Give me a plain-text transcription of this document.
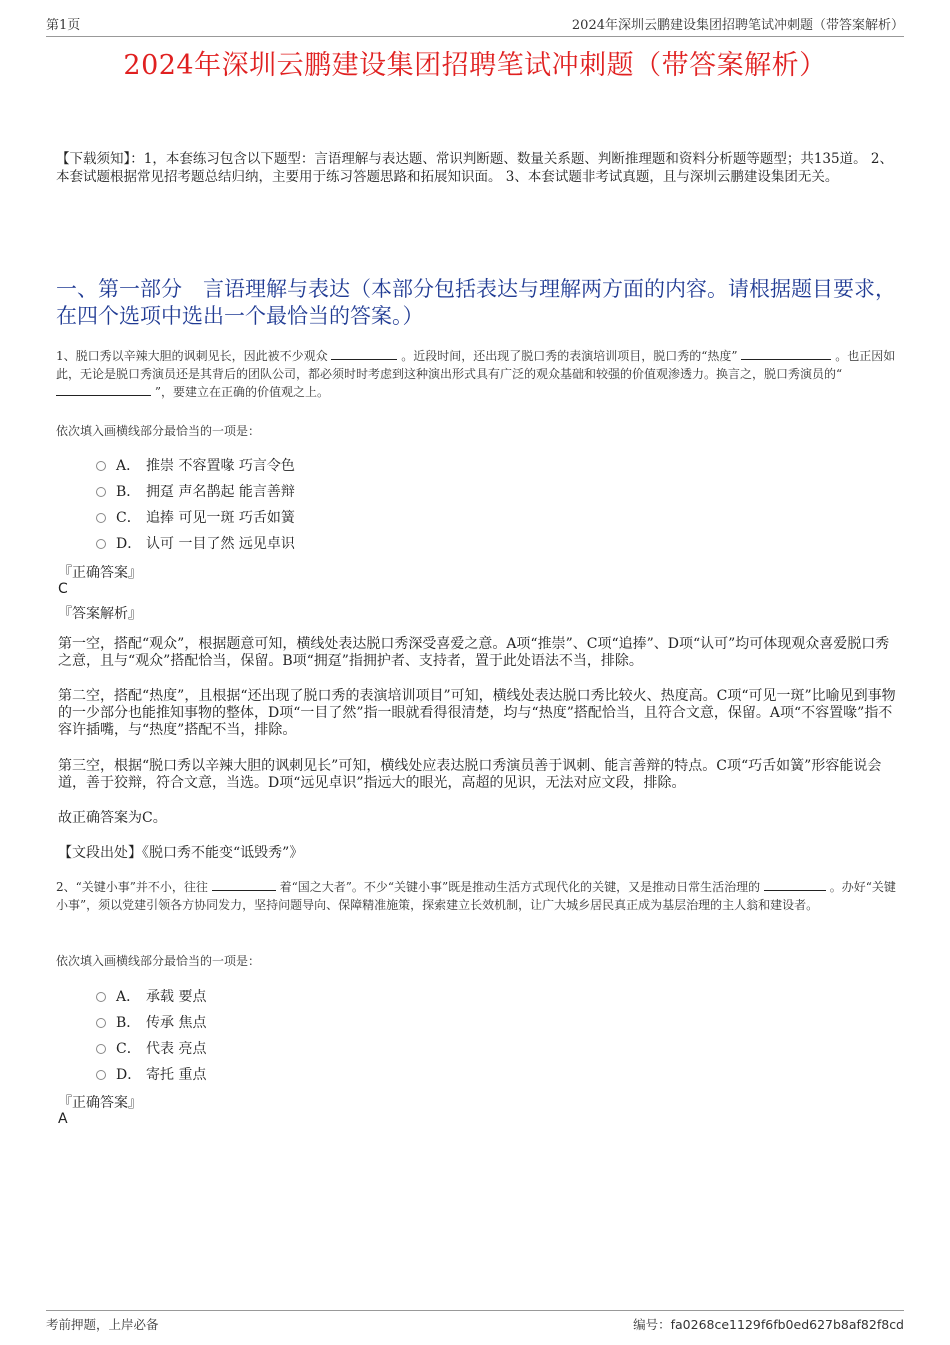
第1页	2024年深圳云鹏建设集团招聘笔试冲刺题（带答案解析）
2024年深圳云鹏建设集团招聘笔试冲刺题（带答案解析）
【下载须知】：1，本套练习包含以下题型：言语理解与表达题、常识判断题、数量关系题、判断推理题和资料分析题等题型；共135道。 2、本套试题根据常见招考题总结归纳，主要用于练习答题思路和拓展知识面。 3、本套试题非考试真题，且与深圳云鹏建设集团无关。
一、第一部分　言语理解与表达（本部分包括表达与理解两方面的内容。请根据题目要求，在四个选项中选出一个最恰当的答案。）
1、脱口秀以辛辣大胆的讽刺见长，因此被不少观众	。近段时间，还出现了脱口秀的表演培训项目，脱口秀的“热度”	。也正因如此，无论是脱口秀演员还是其背后的团队公司，都必须时时考虑到这种演出形式具有广泛的观众基础和较强的价值观渗透力。换言之，脱口秀演员的“  ”，要建立在正确的价值观之上。
依次填入画横线部分最恰当的一项是：
A． 推崇 不容置喙 巧言令色
B． 拥趸 声名鹊起 能言善辩
C． 追捧 可见一斑 巧舌如簧
D． 认可 一目了然 远见卓识
『正确答案』
C
『答案解析』
第一空，搭配“观众”，根据题意可知，横线处表达脱口秀深受喜爱之意。A项“推崇”、C项“追捧”、D项“认可”均可体现观众喜爱脱口秀之意，且与“观众”搭配恰当，保留。B项“拥趸”指拥护者、支持者，置于此处语法不当，排除。
第二空，搭配“热度”，且根据“还出现了脱口秀的表演培训项目”可知，横线处表达脱口秀比较火、热度高。C项“可见一斑”比喻见到事物的一少部分也能推知事物的整体，D项“一目了然”指一眼就看得很清楚，均与“热度”搭配恰当，且符合文意，保留。A项“不容置喙”指不容许插嘴，与“热度”搭配不当，排除。
第三空，根据“脱口秀以辛辣大胆的讽刺见长”可知，横线处应表达脱口秀演员善于讽刺、能言善辩的特点。C项“巧舌如簧”形容能说会道，善于狡辩，符合文意，当选。D项“远见卓识”指远大的眼光，高超的见识，无法对应文段，排除。
故正确答案为C。
【文段出处】《脱口秀不能变“诋毁秀”》
2、“关键小事”并不小，往往	着“国之大者”。不少“关键小事”既是推动生活方式现代化的关键，又是推动日常生活治理的	。办好“关键小事”，须以党建引领各方协同发力，坚持问题导向、保障精准施策，探索建立长效机制，让广大城乡居民真正成为基层治理的主人翁和建设者。
依次填入画横线部分最恰当的一项是：
A． 承载 要点
B． 传承 焦点
C． 代表 亮点
D． 寄托 重点
『正确答案』
A
考前押题，上岸必备	编号：fa0268ce1129f6fb0ed627b8af82f8cd
